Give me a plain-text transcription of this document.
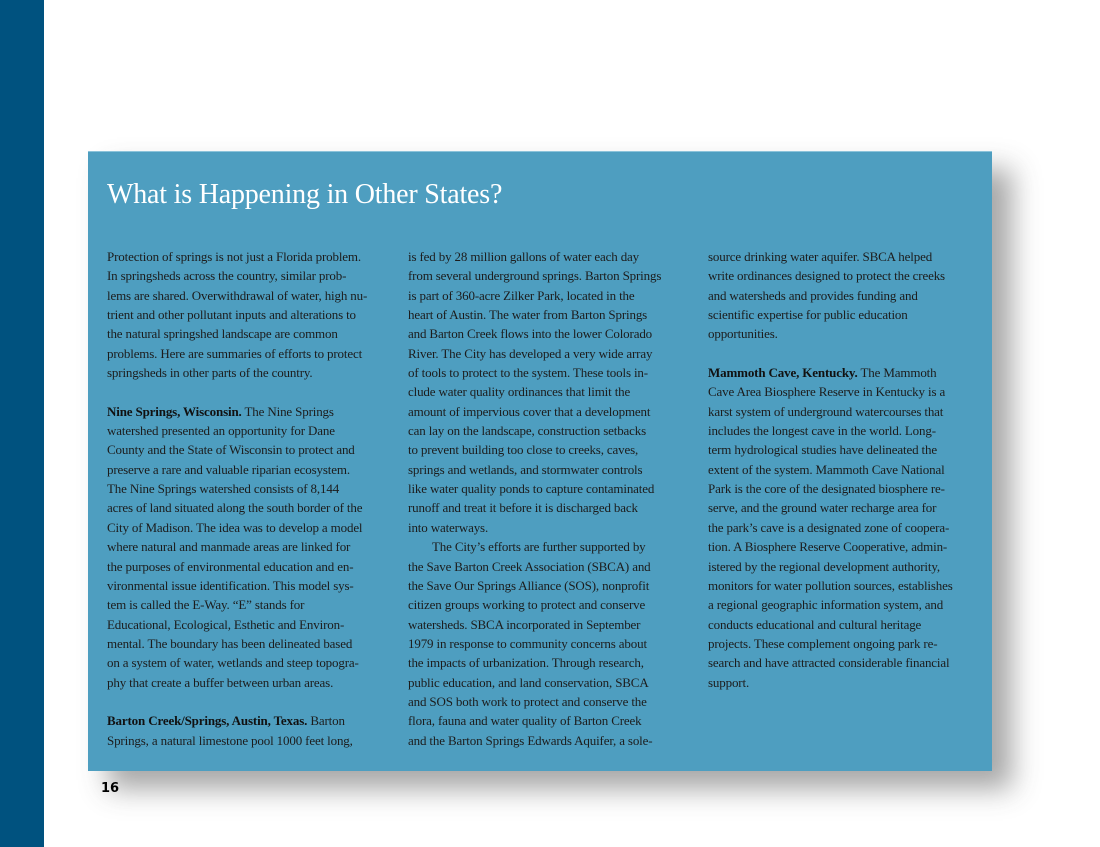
What is Happening in Other States?

Protection of springs is not just a Florida problem.
In springsheds across the country, similar prob-
lems are shared. Overwithdrawal of water, high nu-
trient and other pollutant inputs and alterations to
the natural springshed landscape are common
problems. Here are summaries of efforts to protect
springsheds in other parts of the country.

Nine Springs, Wisconsin. The Nine Springs
watershed presented an opportunity for Dane
County and the State of Wisconsin to protect and
preserve a rare and valuable riparian ecosystem.
The Nine Springs watershed consists of 8,144
acres of land situated along the south border of the
City of Madison. The idea was to develop a model
where natural and manmade areas are linked for
the purposes of environmental education and en-
vironmental issue identification. This model sys-
tem is called the E-Way. “E” stands for
Educational, Ecological, Esthetic and Environ-
mental. The boundary has been delineated based
on a system of water, wetlands and steep topogra-
phy that create a buffer between urban areas.

Barton Creek/Springs, Austin, Texas. Barton
Springs, a natural limestone pool 1000 feet long,

is fed by 28 million gallons of water each day
from several underground springs. Barton Springs
is part of 360-acre Zilker Park, located in the
heart of Austin. The water from Barton Springs
and Barton Creek flows into the lower Colorado
River. The City has developed a very wide array
of tools to protect to the system. These tools in-
clude water quality ordinances that limit the
amount of impervious cover that a development
can lay on the landscape, construction setbacks
to prevent building too close to creeks, caves,
springs and wetlands, and stormwater controls
like water quality ponds to capture contaminated
runoff and treat it before it is discharged back
into waterways.

The City’s efforts are further supported by
the Save Barton Creek Association (SBCA) and
the Save Our Springs Alliance (SOS), nonprofit
citizen groups working to protect and conserve
watersheds. SBCA incorporated in September
1979 in response to community concerns about
the impacts of urbanization. Through research,
public education, and land conservation, SBCA
and SOS both work to protect and conserve the
flora, fauna and water quality of Barton Creek
and the Barton Springs Edwards Aquifer, a sole-

source drinking water aquifer. SBCA helped
write ordinances designed to protect the creeks
and watersheds and provides funding and
scientific expertise for public education
opportunities.

Mammoth Cave, Kentucky. The Mammoth
Cave Area Biosphere Reserve in Kentucky is a
karst system of underground watercourses that
includes the longest cave in the world. Long-
term hydrological studies have delineated the
extent of the system. Mammoth Cave National
Park is the core of the designated biosphere re-
serve, and the ground water recharge area for
the park’s cave is a designated zone of coopera-
tion. A Biosphere Reserve Cooperative, admin-
istered by the regional development authority,
monitors for water pollution sources, establishes
a regional geographic information system, and
conducts educational and cultural heritage
projects. These complement ongoing park re-
search and have attracted considerable financial
support.

16
